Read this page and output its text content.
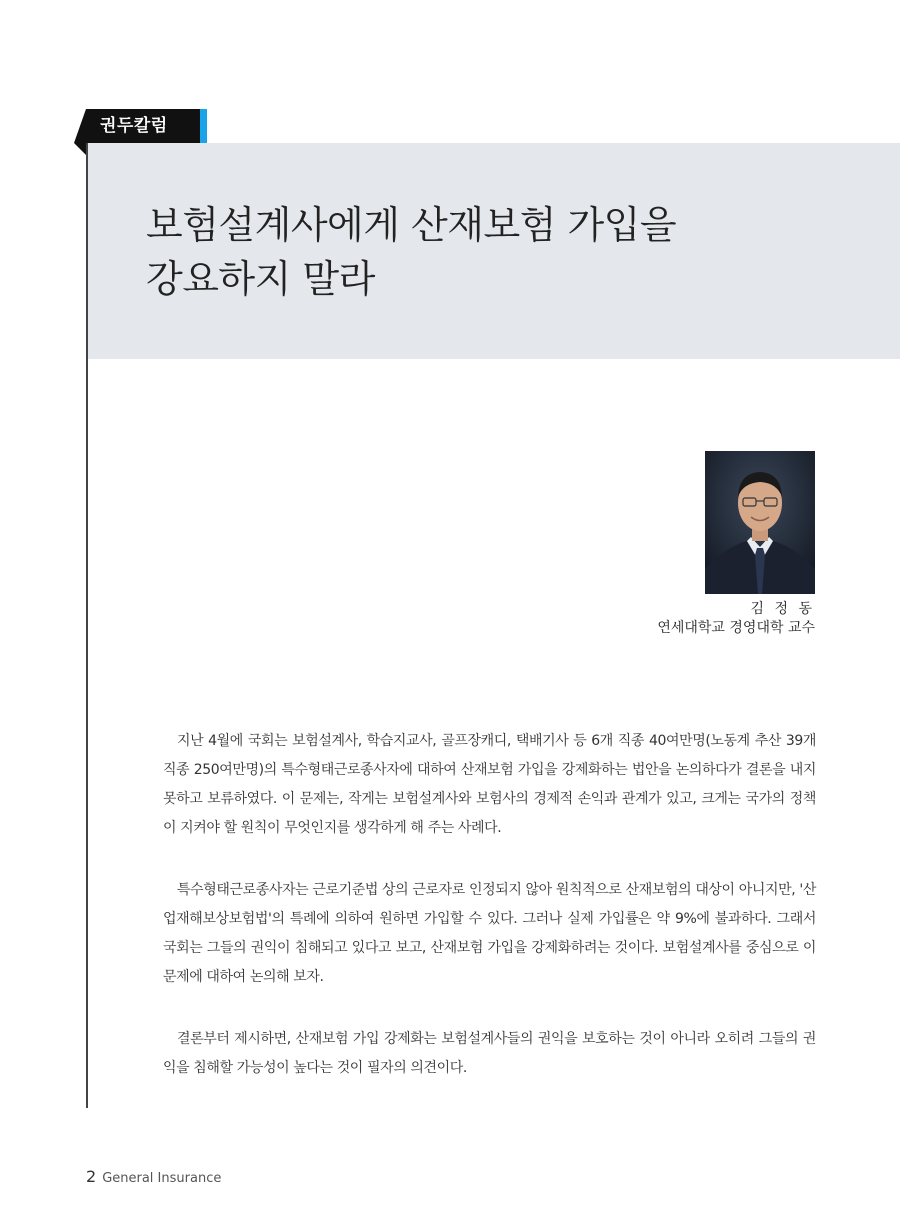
권두칼럼
보험설계사에게 산재보험 가입을
강요하지 말라
김 정 동
연세대학교 경영대학 교수

지난 4월에 국회는 보험설계사, 학습지교사, 골프장캐디, 택배기사 등 6개 직종 40여만명(노동계 추산 39개 직종 250여만명)의 특수형태근로종사자에 대하여 산재보험 가입을 강제화하는 법안을 논의하다가 결론을 내지 못하고 보류하였다. 이 문제는, 작게는 보험설계사와 보험사의 경제적 손익과 관계가 있고, 크게는 국가의 정책이 지켜야 할 원칙이 무엇인지를 생각하게 해 주는 사례다.

특수형태근로종사자는 근로기준법 상의 근로자로 인정되지 않아 원칙적으로 산재보험의 대상이 아니지만, '산업재해보상보험법'의 특례에 의하여 원하면 가입할 수 있다. 그러나 실제 가입률은 약 9%에 불과하다. 그래서 국회는 그들의 권익이 침해되고 있다고 보고, 산재보험 가입을 강제화하려는 것이다. 보험설계사를 중심으로 이 문제에 대하여 논의해 보자.

결론부터 제시하면, 산재보험 가입 강제화는 보험설계사들의 권익을 보호하는 것이 아니라 오히려 그들의 권익을 침해할 가능성이 높다는 것이 필자의 의견이다.

2 General Insurance
